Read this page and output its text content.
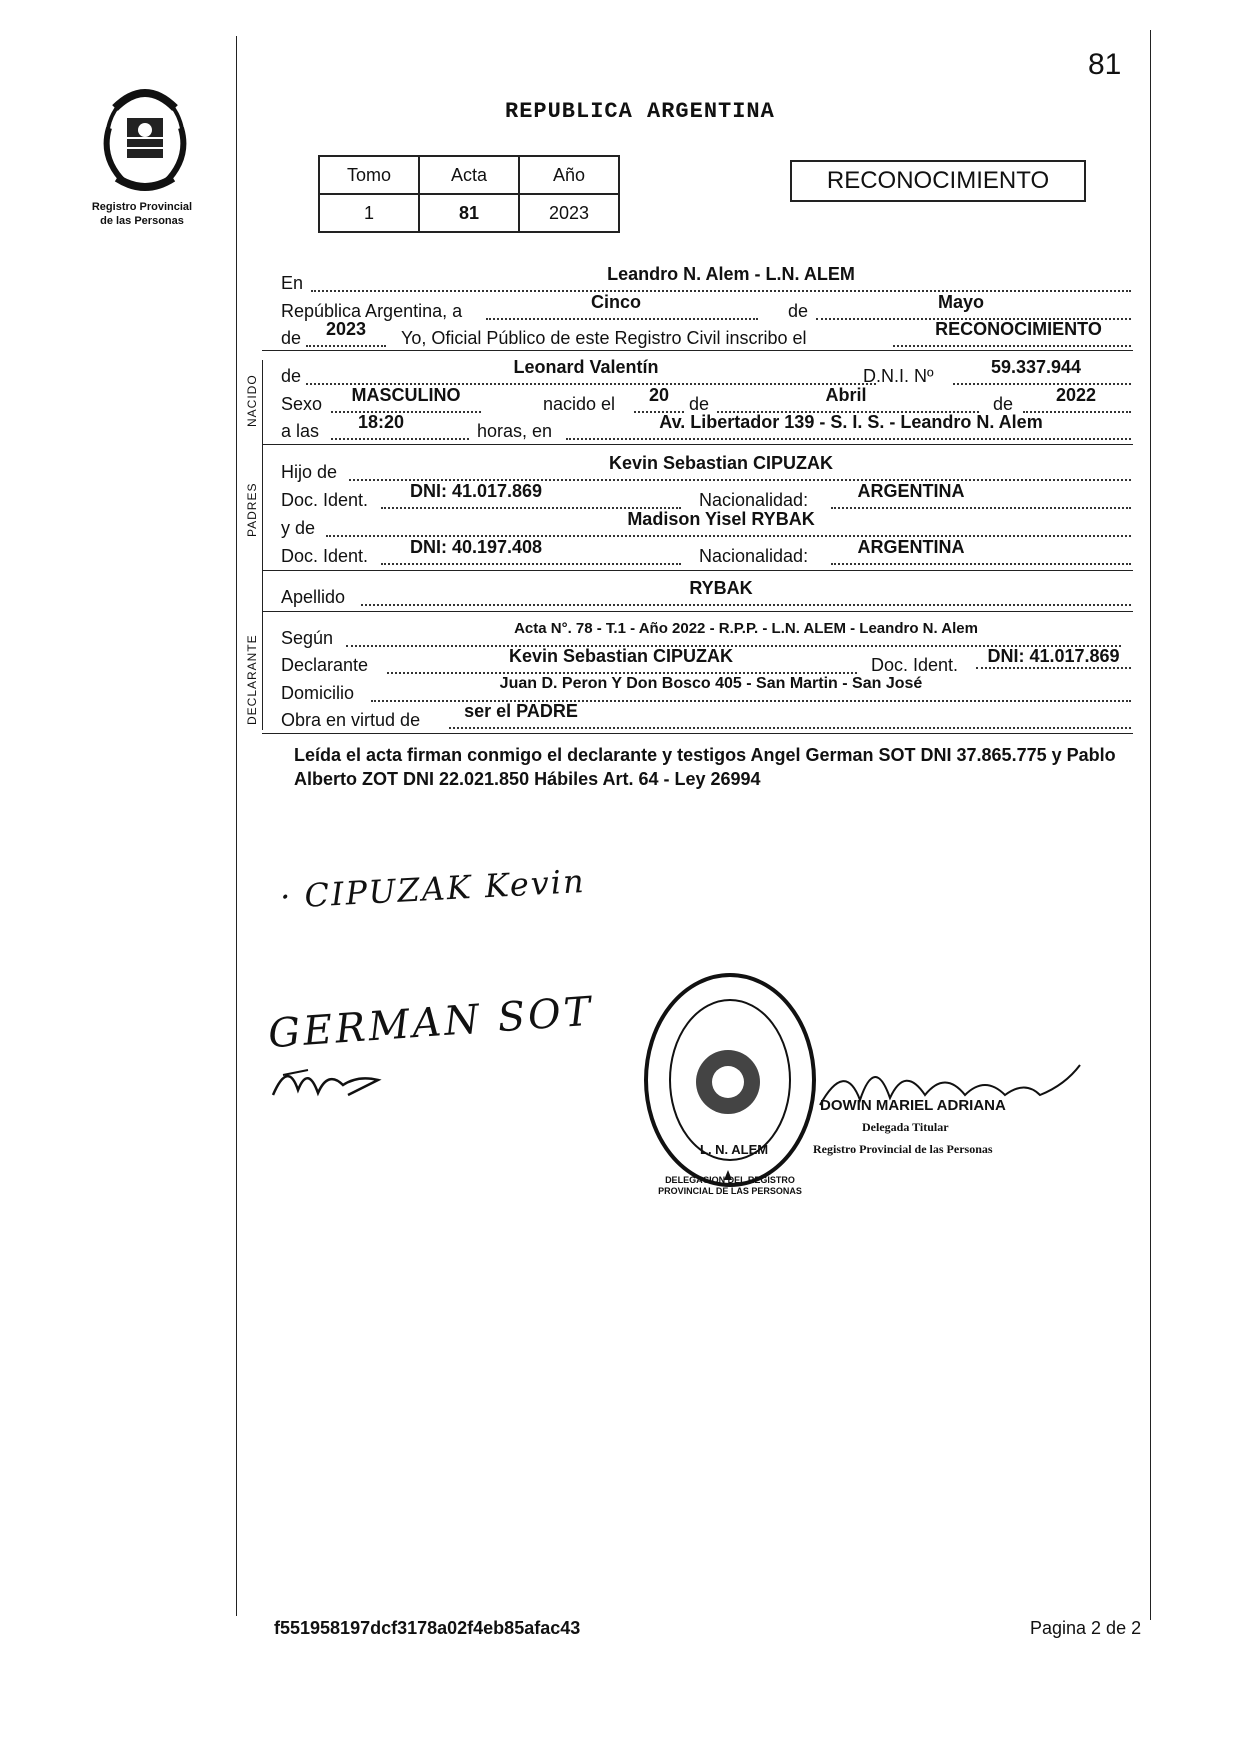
81
Registro Provincial
de las Personas
REPUBLICA ARGENTINA
Tomo	Acta	Año
1	81	2023
RECONOCIMIENTO
NACIDO
PADRES
DECLARANTE
En	Leandro N. Alem - L.N. ALEM
República Argentina, a	Cinco	de	Mayo
de	2023	Yo, Oficial Público de este Registro Civil inscribo el	RECONOCIMIENTO
de	Leonard Valentín	D.N.I. Nº	59.337.944
Sexo	MASCULINO	nacido el	20	de	Abril	de	2022
a las	18:20	horas, en	Av. Libertador 139 - S. I. S. - Leandro N. Alem
Hijo de	Kevin Sebastian CIPUZAK
Doc. Ident.	DNI: 41.017.869	Nacionalidad:	ARGENTINA
y de	Madison Yisel RYBAK
Doc. Ident.	DNI: 40.197.408	Nacionalidad:	ARGENTINA
Apellido	RYBAK
Según	Acta N°. 78 - T.1 - Año 2022 - R.P.P. - L.N. ALEM - Leandro N. Alem
Declarante	Kevin Sebastian CIPUZAK	Doc. Ident.	DNI: 41.017.869
Domicilio	Juan D. Peron Y Don Bosco 405 - San Martin - San José
Obra en virtud de	ser el PADRE
Leída el acta firman conmigo el declarante y testigos Angel German SOT DNI 37.865.775 y Pablo Alberto ZOT DNI 22.021.850 Hábiles Art. 64 - Ley 26994
· CIPUZAK Kevin
GERMAN SOT
DELEGACION DEL REGISTRO PROVINCIAL DE LAS PERSONAS
L. N. ALEM
DOWIN MARIEL ADRIANA
Delegada Titular
Registro Provincial de las Personas
f551958197dcf3178a02f4eb85afac43	Pagina 2 de 2
